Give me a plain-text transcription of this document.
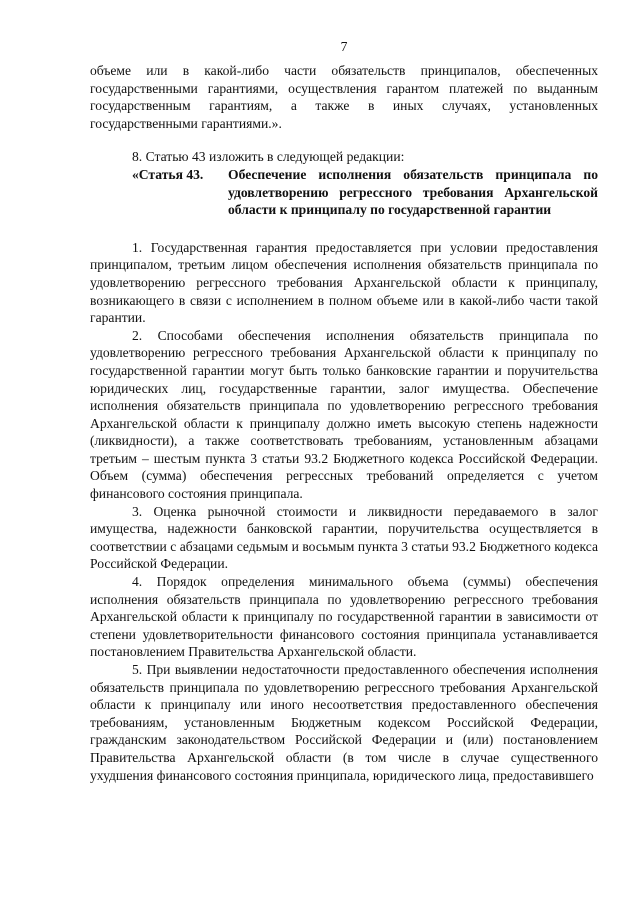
7

объеме или в какой-либо части обязательств принципалов, обеспеченных государственными гарантиями, осуществления гарантом платежей по выданным государственным гарантиям, а также в иных случаях, установленных государственными гарантиями.».

8. Статью 43 изложить в следующей редакции:

«Статья 43.	Обеспечение исполнения обязательств принципала по удовлетворению регрессного требования Архангельской области к принципалу по государственной гарантии

1. Государственная гарантия предоставляется при условии предоставления принципалом, третьим лицом обеспечения исполнения обязательств принципала по удовлетворению регрессного требования Архангельской области к принципалу, возникающего в связи с исполнением в полном объеме или в какой-либо части такой гарантии.

2. Способами обеспечения исполнения обязательств принципала по удовлетворению регрессного требования Архангельской области к принципалу по государственной гарантии могут быть только банковские гарантии и поручительства юридических лиц, государственные гарантии, залог имущества. Обеспечение исполнения обязательств принципала по удовлетворению регрессного требования Архангельской области к принципалу должно иметь высокую степень надежности (ликвидности), а также соответствовать требованиям, установленным абзацами третьим – шестым пункта 3 статьи 93.2 Бюджетного кодекса Российской Федерации. Объем (сумма) обеспечения регрессных требований определяется с учетом финансового состояния принципала.

3. Оценка рыночной стоимости и ликвидности передаваемого в залог имущества, надежности банковской гарантии, поручительства осуществляется в соответствии с абзацами седьмым и восьмым пункта 3 статьи 93.2 Бюджетного кодекса Российской Федерации.

4. Порядок определения минимального объема (суммы) обеспечения исполнения обязательств принципала по удовлетворению регрессного требования Архангельской области к принципалу по государственной гарантии в зависимости от степени удовлетворительности финансового состояния принципала устанавливается постановлением Правительства Архангельской области.

5. При выявлении недостаточности предоставленного обеспечения исполнения обязательств принципала по удовлетворению регрессного требования Архангельской области к принципалу или иного несоответствия предоставленного обеспечения требованиям, установленным Бюджетным кодексом Российской Федерации, гражданским законодательством Российской Федерации и (или) постановлением Правительства Архангельской области (в том числе в случае существенного ухудшения финансового состояния принципала, юридического лица, предоставившего
